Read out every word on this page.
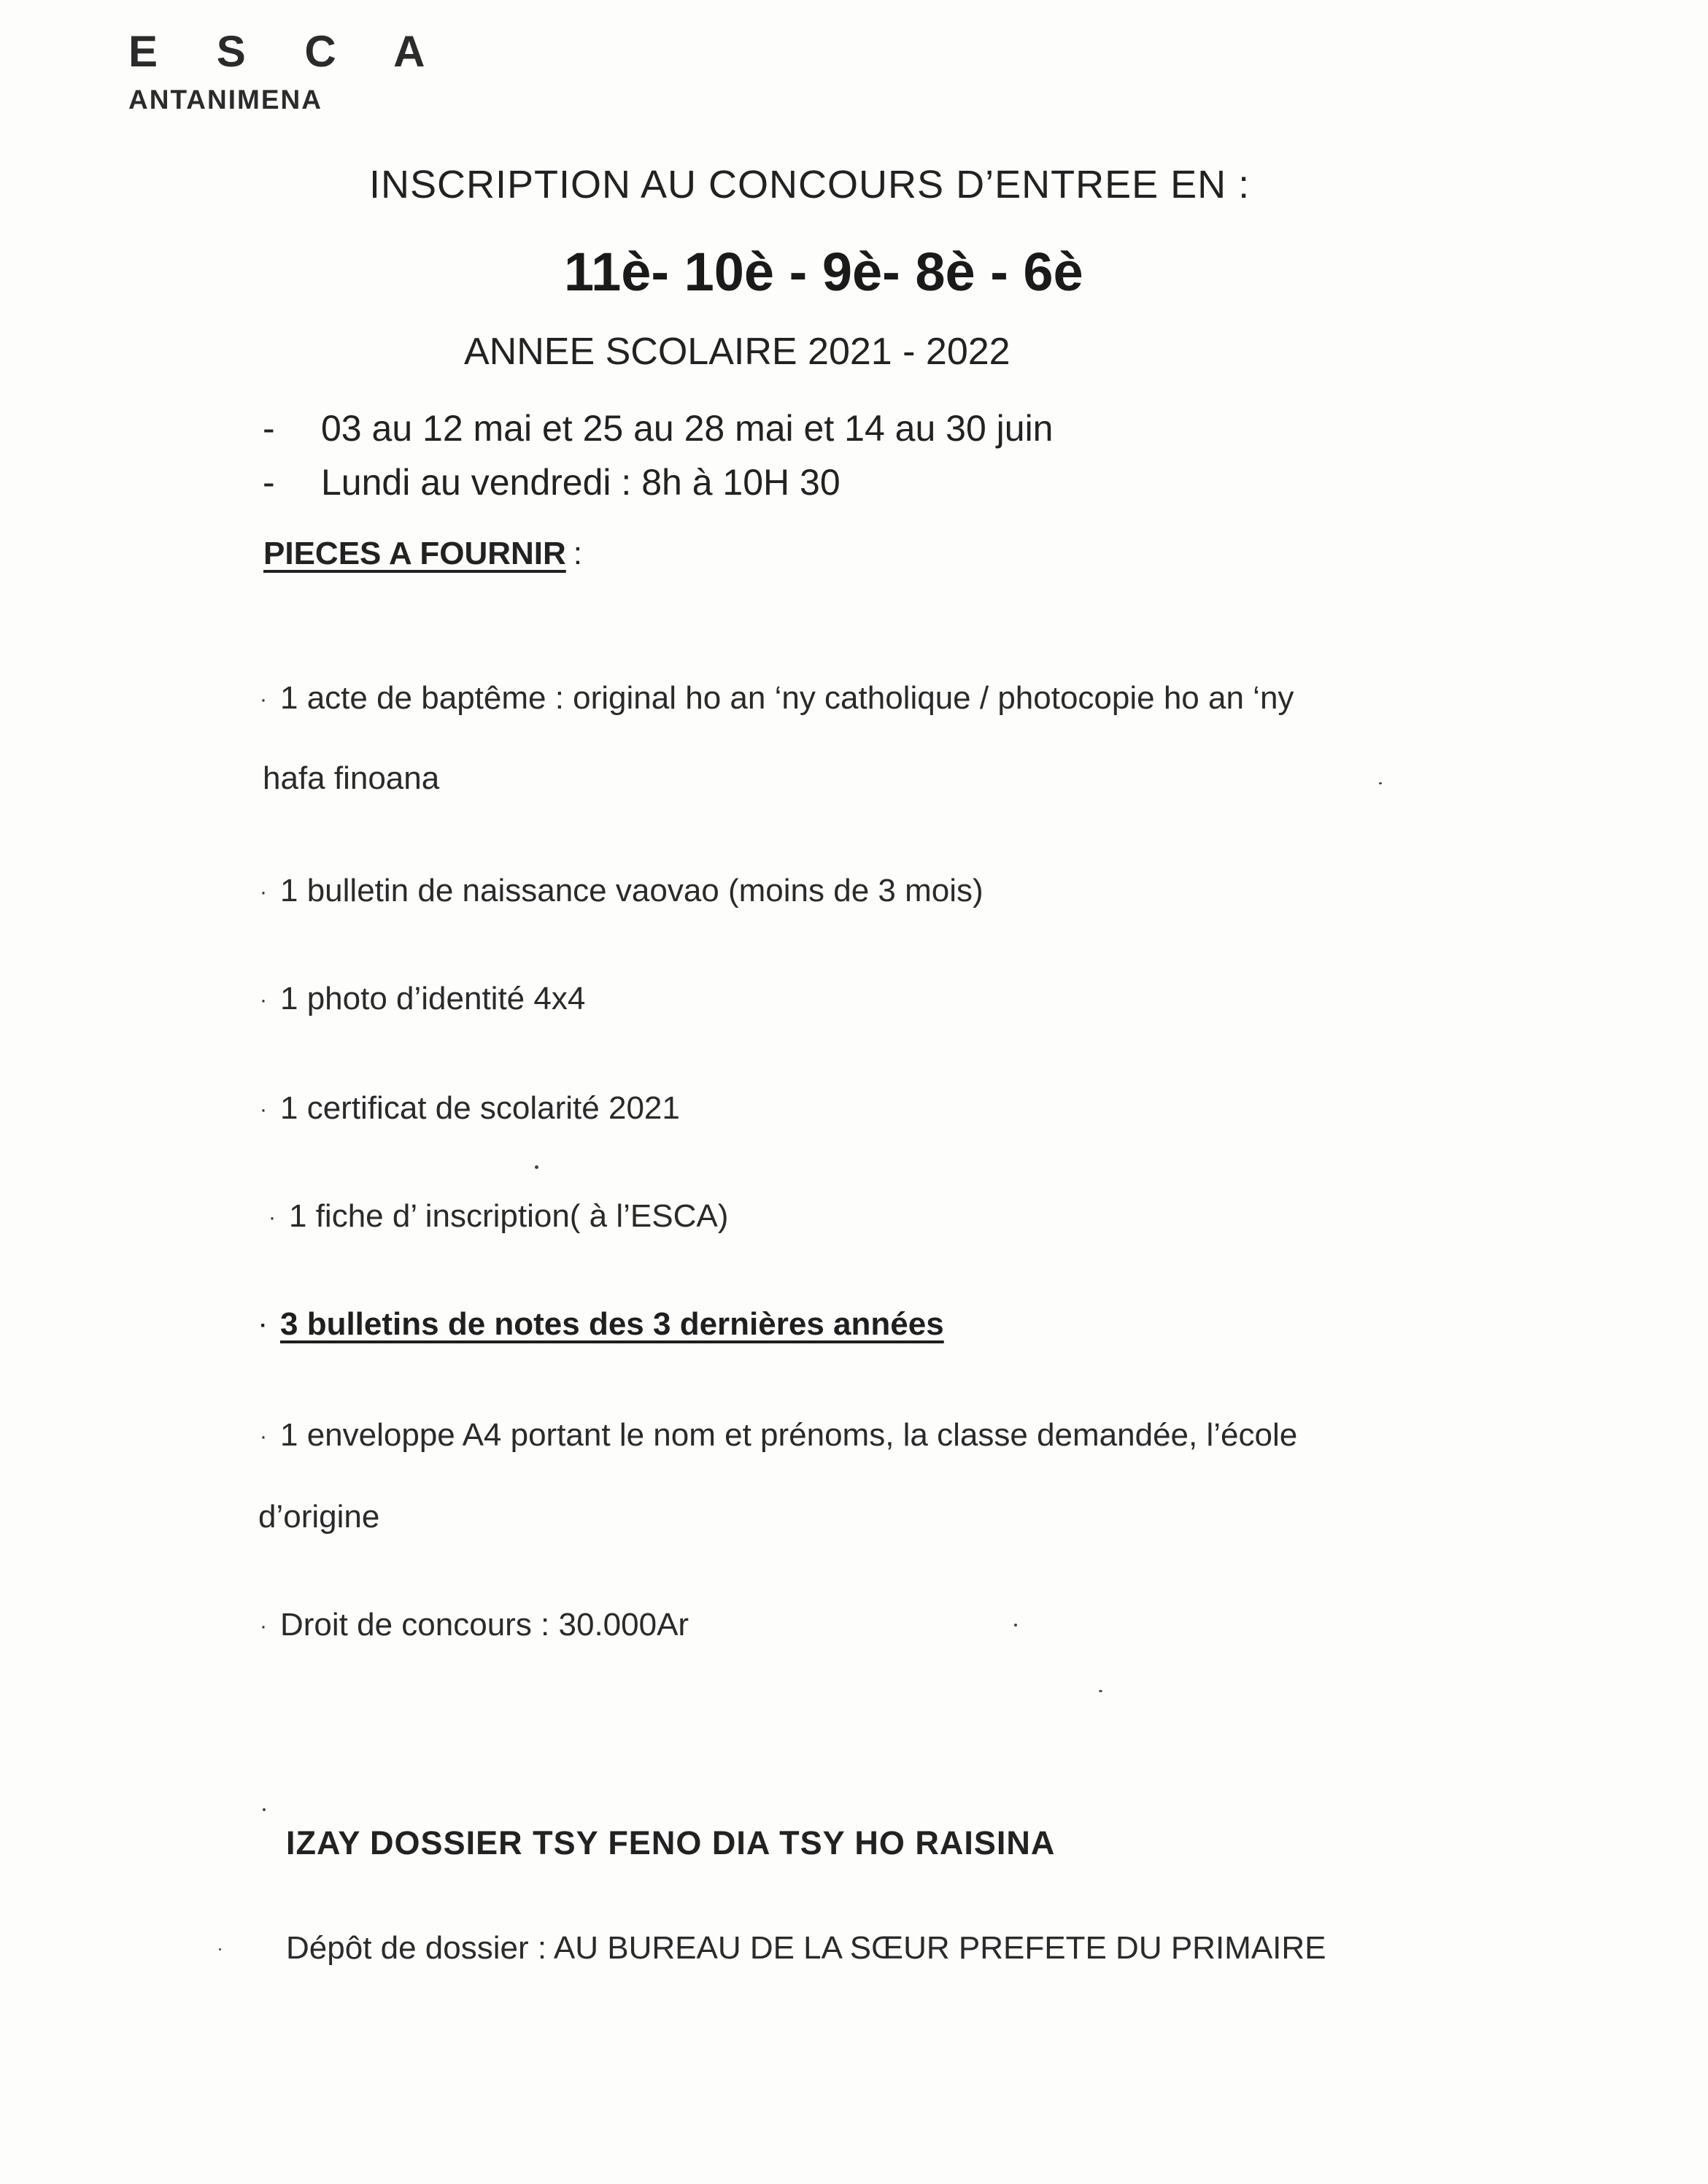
E S C A
ANTANIMENA
INSCRIPTION AU CONCOURS D’ENTREE EN :
11è- 10è - 9è- 8è - 6è
ANNEE SCOLAIRE 2021 - 2022
- 03 au 12 mai et 25 au 28 mai et 14 au 30 juin
- Lundi au vendredi : 8h à 10H 30
PIECES A FOURNIR :
· 1 acte de baptême : original ho an ‘ny catholique / photocopie ho an ‘ny
hafa finoana
· 1 bulletin de naissance vaovao (moins de 3 mois)
· 1 photo d’identité 4x4
· 1 certificat de scolarité 2021
· 1 fiche d’ inscription( à l’ESCA)
· 3 bulletins de notes des 3 dernières années
· 1 enveloppe A4 portant le nom et prénoms, la classe demandée, l’école
d’origine
· Droit de concours : 30.000Ar
IZAY DOSSIER TSY FENO DIA TSY HO RAISINA
Dépôt de dossier : AU BUREAU DE LA SŒUR PREFETE DU PRIMAIRE
